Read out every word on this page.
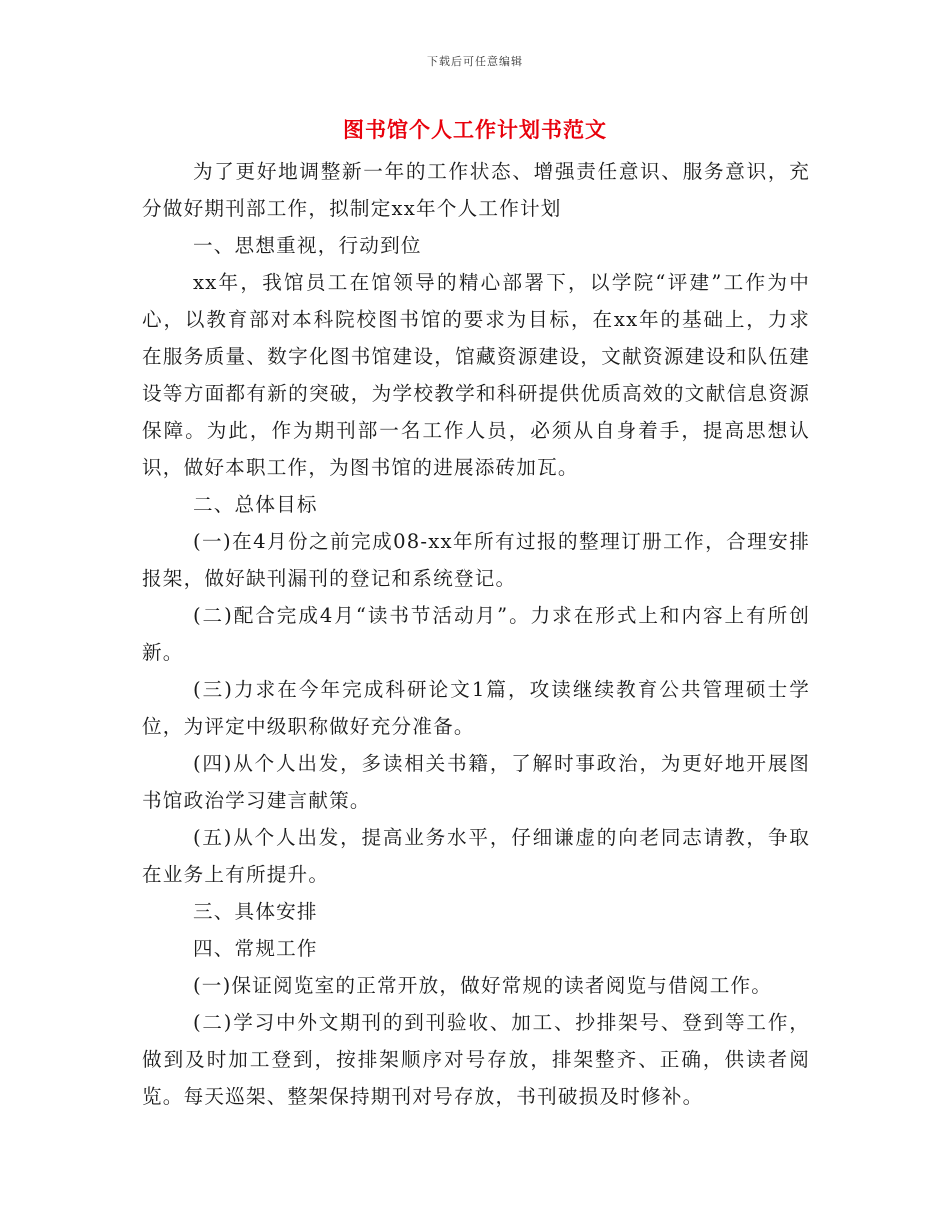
下载后可任意编辑
图书馆个人工作计划书范文

为了更好地调整新一年的工作状态、增强责任意识、服务意识，充分做好期刊部工作，拟制定xx年个人工作计划

一、思想重视，行动到位

xx年，我馆员工在馆领导的精心部署下，以学院“评建”工作为中心，以教育部对本科院校图书馆的要求为目标，在xx年的基础上，力求在服务质量、数字化图书馆建设，馆藏资源建设，文献资源建设和队伍建设等方面都有新的突破，为学校教学和科研提供优质高效的文献信息资源保障。为此，作为期刊部一名工作人员，必须从自身着手，提高思想认识，做好本职工作，为图书馆的进展添砖加瓦。

二、总体目标

(一)在4月份之前完成08-xx年所有过报的整理订册工作，合理安排报架，做好缺刊漏刊的登记和系统登记。

(二)配合完成4月“读书节活动月”。力求在形式上和内容上有所创新。

(三)力求在今年完成科研论文1篇，攻读继续教育公共管理硕士学位，为评定中级职称做好充分准备。

(四)从个人出发，多读相关书籍，了解时事政治，为更好地开展图书馆政治学习建言献策。

(五)从个人出发，提高业务水平，仔细谦虚的向老同志请教，争取在业务上有所提升。

三、具体安排

四、常规工作

(一)保证阅览室的正常开放，做好常规的读者阅览与借阅工作。

(二)学习中外文期刊的到刊验收、加工、抄排架号、登到等工作，做到及时加工登到，按排架顺序对号存放，排架整齐、正确，供读者阅览。每天巡架、整架保持期刊对号存放，书刊破损及时修补。
